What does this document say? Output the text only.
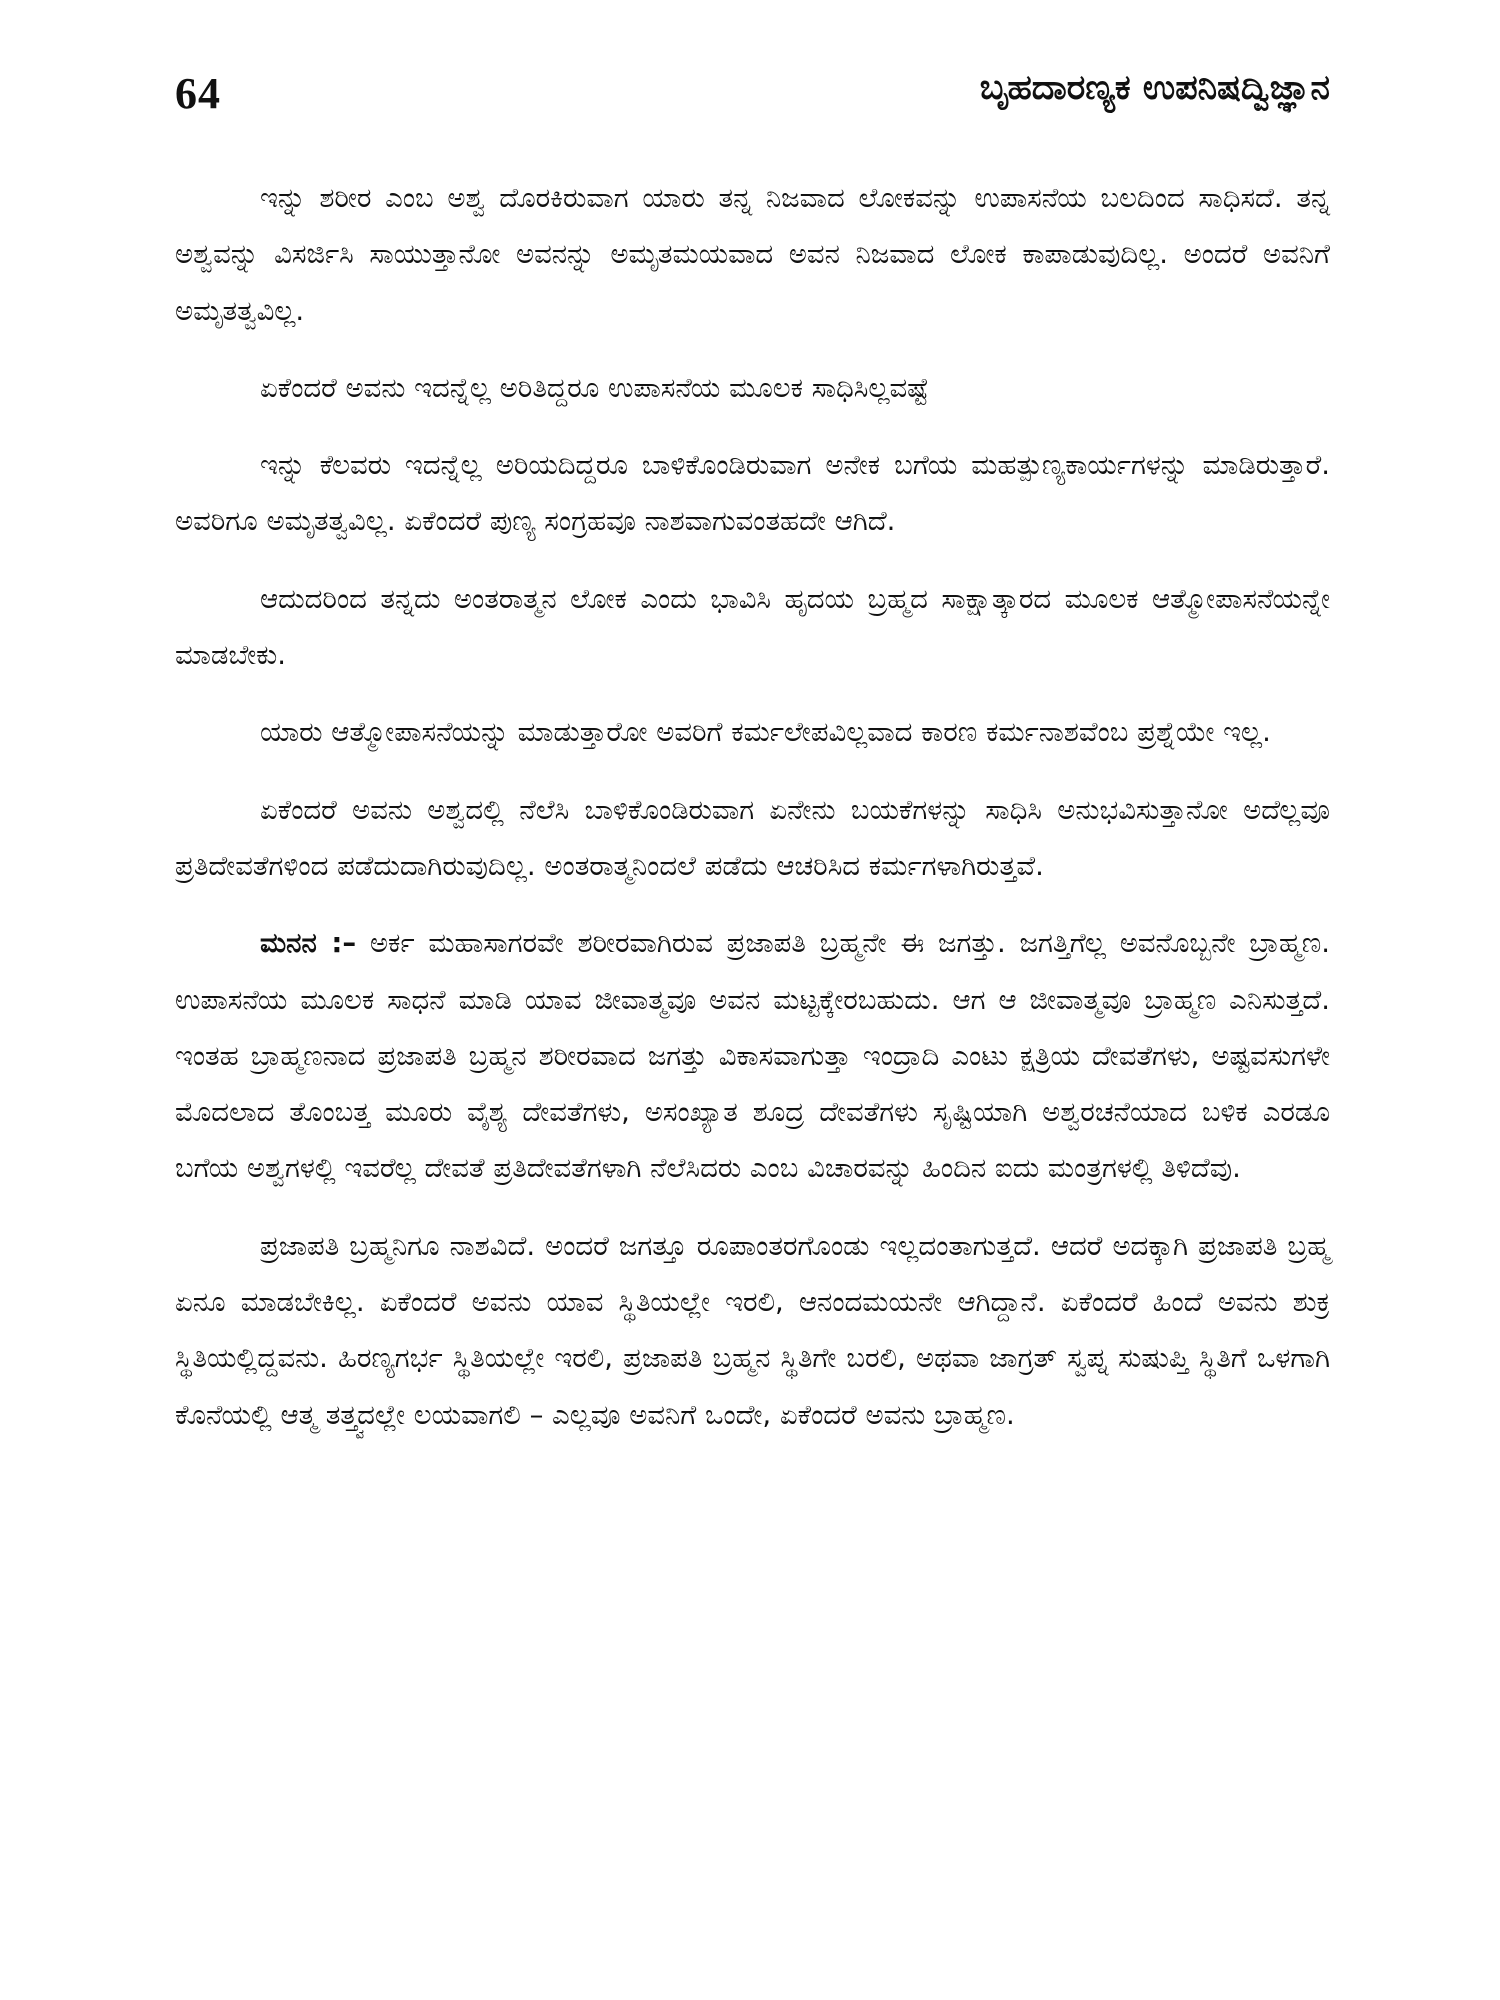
64	ಬೃಹದಾರಣ್ಯಕ ಉಪನಿಷದ್ವಿಜ್ಞಾನ

ಇನ್ನು ಶರೀರ ಎಂಬ ಅಶ್ವ ದೊರಕಿರುವಾಗ ಯಾರು ತನ್ನ ನಿಜವಾದ ಲೋಕವನ್ನು ಉಪಾಸನೆಯ ಬಲದಿಂದ ಸಾಧಿಸದೆ. ತನ್ನ ಅಶ್ವವನ್ನು ವಿಸರ್ಜಿಸಿ ಸಾಯುತ್ತಾನೋ ಅವನನ್ನು ಅಮೃತಮಯವಾದ ಅವನ ನಿಜವಾದ ಲೋಕ ಕಾಪಾಡುವುದಿಲ್ಲ. ಅಂದರೆ ಅವನಿಗೆ ಅಮೃತತ್ವವಿಲ್ಲ.

ಏಕೆಂದರೆ ಅವನು ಇದನ್ನೆಲ್ಲ ಅರಿತಿದ್ದರೂ ಉಪಾಸನೆಯ ಮೂಲಕ ಸಾಧಿಸಿಲ್ಲವಷ್ಟೆ

ಇನ್ನು ಕೆಲವರು ಇದನ್ನೆಲ್ಲ ಅರಿಯದಿದ್ದರೂ ಬಾಳಿಕೊಂಡಿರುವಾಗ ಅನೇಕ ಬಗೆಯ ಮಹತ್ಪುಣ್ಯಕಾರ್ಯಗಳನ್ನು ಮಾಡಿರುತ್ತಾರೆ. ಅವರಿಗೂ ಅಮೃತತ್ವವಿಲ್ಲ. ಏಕೆಂದರೆ ಪುಣ್ಯ ಸಂಗ್ರಹವೂ ನಾಶವಾಗುವಂತಹದೇ ಆಗಿದೆ.

ಆದುದರಿಂದ ತನ್ನದು ಅಂತರಾತ್ಮನ ಲೋಕ ಎಂದು ಭಾವಿಸಿ ಹೃದಯ ಬ್ರಹ್ಮದ ಸಾಕ್ಷಾತ್ಕಾರದ ಮೂಲಕ ಆತ್ಮೋಪಾಸನೆಯನ್ನೇ ಮಾಡಬೇಕು.

ಯಾರು ಆತ್ಮೋಪಾಸನೆಯನ್ನು ಮಾಡುತ್ತಾರೋ ಅವರಿಗೆ ಕರ್ಮಲೇಪವಿಲ್ಲವಾದ ಕಾರಣ ಕರ್ಮನಾಶವೆಂಬ ಪ್ರಶ್ನೆಯೇ ಇಲ್ಲ.

ಏಕೆಂದರೆ ಅವನು ಅಶ್ವದಲ್ಲಿ ನೆಲೆಸಿ ಬಾಳಿಕೊಂಡಿರುವಾಗ ಏನೇನು ಬಯಕೆಗಳನ್ನು ಸಾಧಿಸಿ ಅನುಭವಿಸುತ್ತಾನೋ ಅದೆಲ್ಲವೂ ಪ್ರತಿದೇವತೆಗಳಿಂದ ಪಡೆದುದಾಗಿರುವುದಿಲ್ಲ. ಅಂತರಾತ್ಮನಿಂದಲೆ ಪಡೆದು ಆಚರಿಸಿದ ಕರ್ಮಗಳಾಗಿರುತ್ತವೆ.

ಮನನ :– ಅರ್ಕ ಮಹಾಸಾಗರವೇ ಶರೀರವಾಗಿರುವ ಪ್ರಜಾಪತಿ ಬ್ರಹ್ಮನೇ ಈ ಜಗತ್ತು. ಜಗತ್ತಿಗೆಲ್ಲ ಅವನೊಬ್ಬನೇ ಬ್ರಾಹ್ಮಣ. ಉಪಾಸನೆಯ ಮೂಲಕ ಸಾಧನೆ ಮಾಡಿ ಯಾವ ಜೀವಾತ್ಮವೂ ಅವನ ಮಟ್ಟಕ್ಕೇರಬಹುದು. ಆಗ ಆ ಜೀವಾತ್ಮವೂ ಬ್ರಾಹ್ಮಣ ಎನಿಸುತ್ತದೆ. ಇಂತಹ ಬ್ರಾಹ್ಮಣನಾದ ಪ್ರಜಾಪತಿ ಬ್ರಹ್ಮನ ಶರೀರವಾದ ಜಗತ್ತು ವಿಕಾಸವಾಗುತ್ತಾ ಇಂದ್ರಾದಿ ಎಂಟು ಕ್ಷತ್ರಿಯ ದೇವತೆಗಳು, ಅಷ್ಟವಸುಗಳೇ ಮೊದಲಾದ ತೊಂಬತ್ತ ಮೂರು ವೈಶ್ಯ ದೇವತೆಗಳು, ಅಸಂಖ್ಯಾತ ಶೂದ್ರ ದೇವತೆಗಳು ಸೃಷ್ಟಿಯಾಗಿ ಅಶ್ವರಚನೆಯಾದ ಬಳಿಕ ಎರಡೂ ಬಗೆಯ ಅಶ್ವಗಳಲ್ಲಿ ಇವರೆಲ್ಲ ದೇವತೆ ಪ್ರತಿದೇವತೆಗಳಾಗಿ ನೆಲೆಸಿದರು ಎಂಬ ವಿಚಾರವನ್ನು ಹಿಂದಿನ ಐದು ಮಂತ್ರಗಳಲ್ಲಿ ತಿಳಿದೆವು.

ಪ್ರಜಾಪತಿ ಬ್ರಹ್ಮನಿಗೂ ನಾಶವಿದೆ. ಅಂದರೆ ಜಗತ್ತೂ ರೂಪಾಂತರಗೊಂಡು ಇಲ್ಲದಂತಾಗುತ್ತದೆ. ಆದರೆ ಅದಕ್ಕಾಗಿ ಪ್ರಜಾಪತಿ ಬ್ರಹ್ಮ ಏನೂ ಮಾಡಬೇಕಿಲ್ಲ. ಏಕೆಂದರೆ ಅವನು ಯಾವ ಸ್ಥಿತಿಯಲ್ಲೇ ಇರಲಿ, ಆನಂದಮಯನೇ ಆಗಿದ್ದಾನೆ. ಏಕೆಂದರೆ ಹಿಂದೆ ಅವನು ಶುಕ್ರ ಸ್ಥಿತಿಯಲ್ಲಿದ್ದವನು. ಹಿರಣ್ಯಗರ್ಭ ಸ್ಥಿತಿಯಲ್ಲೇ ಇರಲಿ, ಪ್ರಜಾಪತಿ ಬ್ರಹ್ಮನ ಸ್ಥಿತಿಗೇ ಬರಲಿ, ಅಥವಾ ಜಾಗ್ರತ್ ಸ್ವಪ್ನ ಸುಷುಪ್ತಿ ಸ್ಥಿತಿಗೆ ಒಳಗಾಗಿ ಕೊನೆಯಲ್ಲಿ ಆತ್ಮ ತತ್ತ್ವದಲ್ಲೇ ಲಯವಾಗಲಿ – ಎಲ್ಲವೂ ಅವನಿಗೆ ಒಂದೇ, ಏಕೆಂದರೆ ಅವನು ಬ್ರಾಹ್ಮಣ.
